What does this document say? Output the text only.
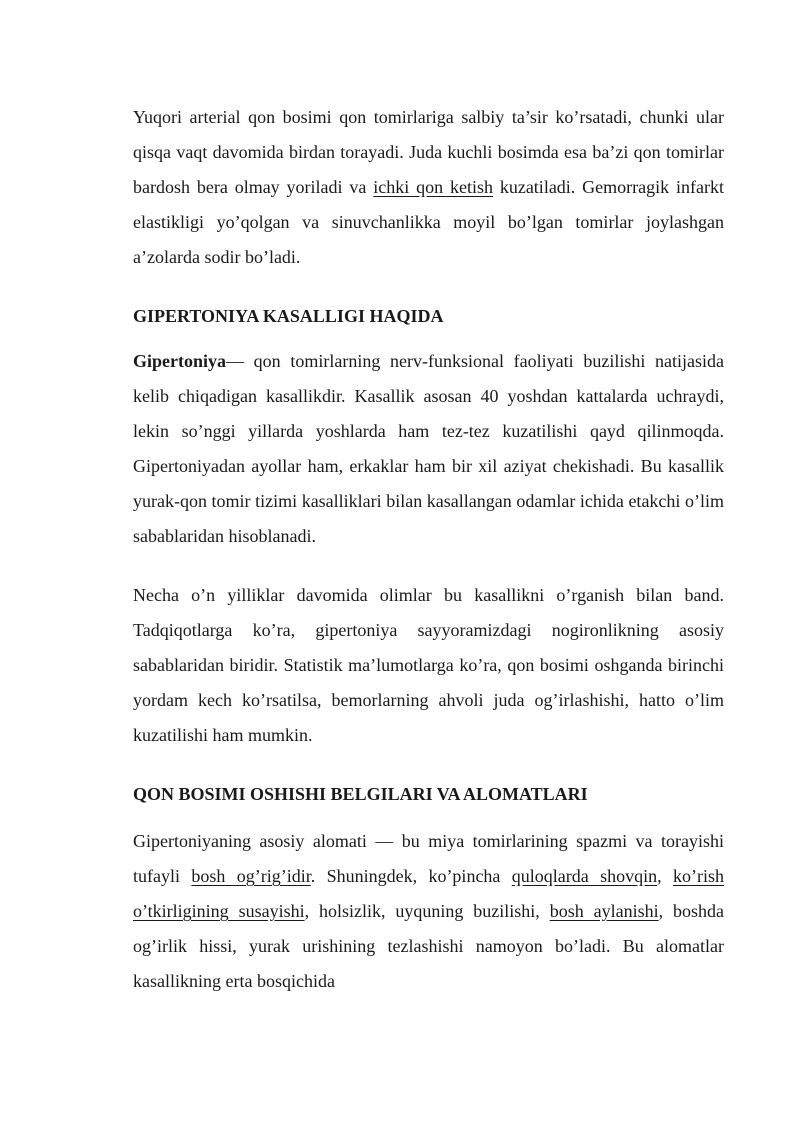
Yuqori arterial qon bosimi qon tomirlariga salbiy ta’sir ko’rsatadi, chunki ular qisqa vaqt davomida birdan torayadi. Juda kuchli bosimda esa ba’zi qon tomirlar bardosh bera olmay yoriladi va ichki qon ketish kuzatiladi. Gemorragik infarkt elastikligi yo’qolgan va sinuvchanlikka moyil bo’lgan tomirlar joylashgan a’zolarda sodir bo’ladi.

GIPERTONIYA KASALLIGI HAQIDA

Gipertoniya— qon tomirlarning nerv-funksional faoliyati buzilishi natijasida kelib chiqadigan kasallikdir. Kasallik asosan 40 yoshdan kattalarda uchraydi, lekin so’nggi yillarda yoshlarda ham tez-tez kuzatilishi qayd qilinmoqda. Gipertoniyadan ayollar ham, erkaklar ham bir xil aziyat chekishadi. Bu kasallik yurak-qon tomir tizimi kasalliklari bilan kasallangan odamlar ichida etakchi o’lim sabablaridan hisoblanadi.

Necha o’n yilliklar davomida olimlar bu kasallikni o’rganish bilan band. Tadqiqotlarga ko’ra, gipertoniya sayyoramizdagi nogironlikning asosiy sabablaridan biridir. Statistik ma’lumotlarga ko’ra, qon bosimi oshganda birinchi yordam kech ko’rsatilsa, bemorlarning ahvoli juda og’irlashishi, hatto o’lim kuzatilishi ham mumkin.

QON BOSIMI OSHISHI BELGILARI VA ALOMATLARI

Gipertoniyaning asosiy alomati — bu miya tomirlarining spazmi va torayishi tufayli bosh og’rig’idir. Shuningdek, ko’pincha quloqlarda shovqin, ko’rish o’tkirligining susayishi, holsizlik, uyquning buzilishi, bosh aylanishi, boshda og’irlik hissi, yurak urishining tezlashishi namoyon bo’ladi. Bu alomatlar kasallikning erta bosqichida
